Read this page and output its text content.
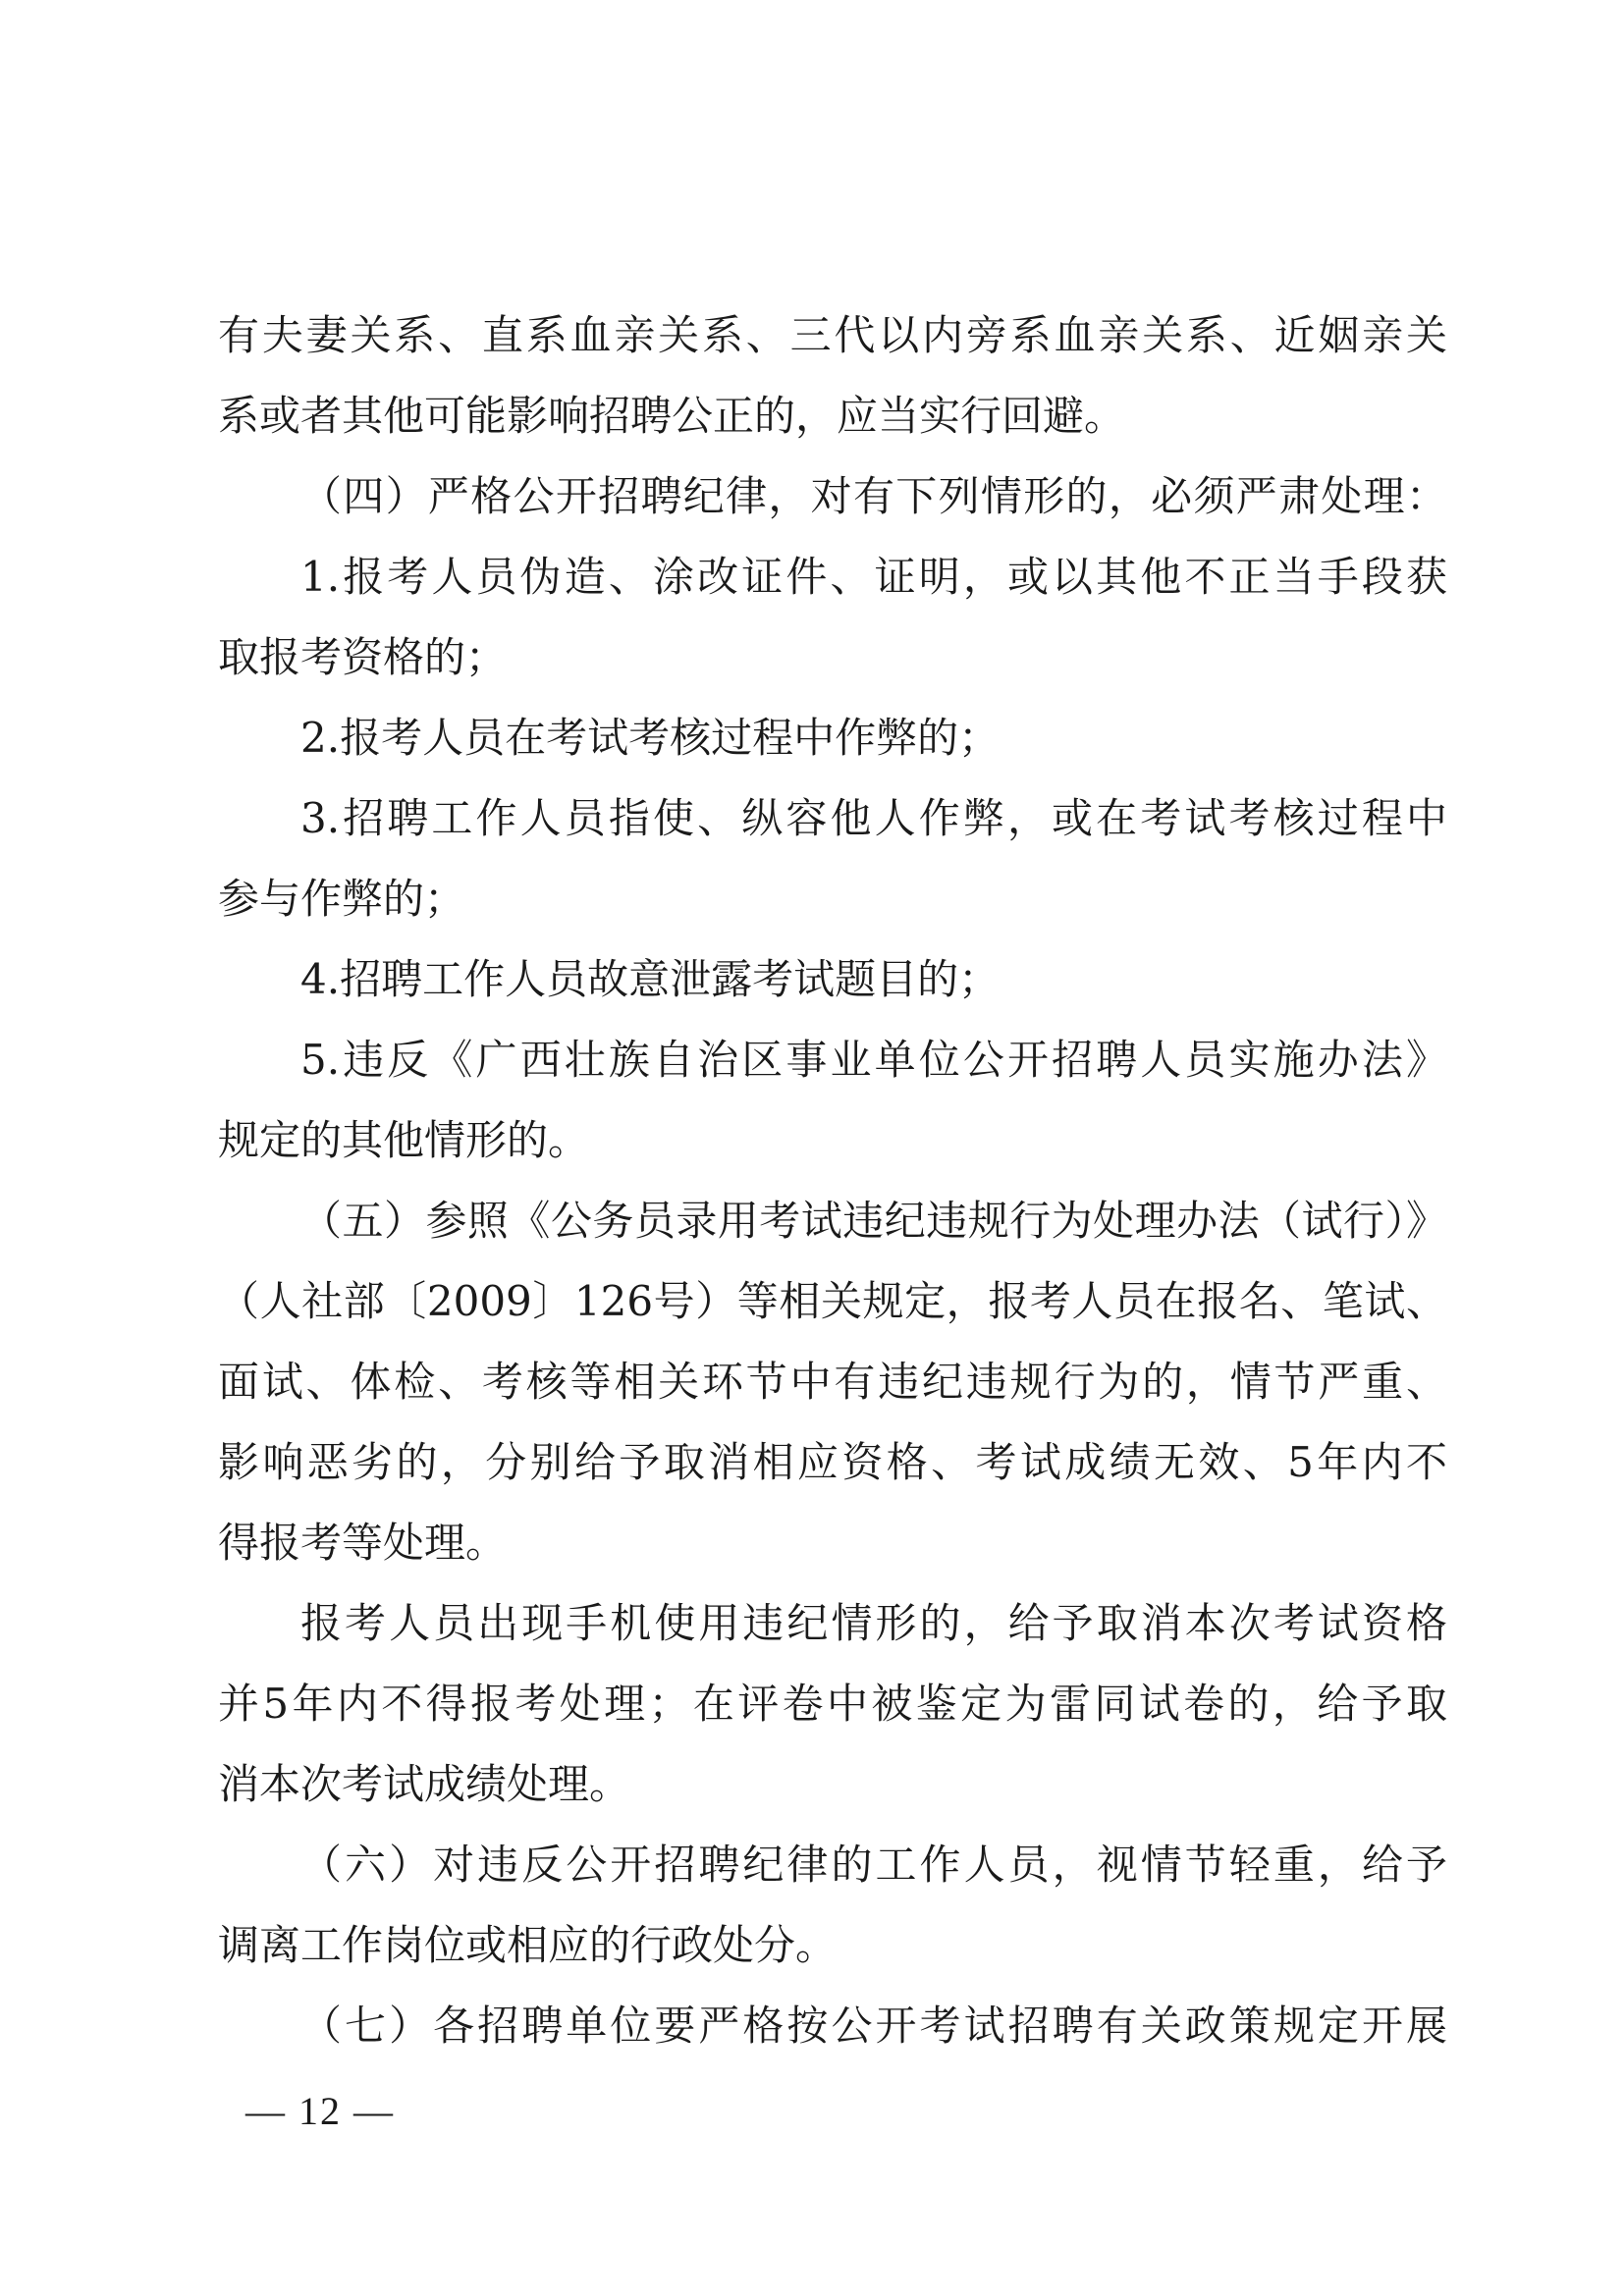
有夫妻关系、直系血亲关系、三代以内旁系血亲关系、近姻亲关
系或者其他可能影响招聘公正的，应当实行回避。
（四）严格公开招聘纪律，对有下列情形的，必须严肃处理：
1.报考人员伪造、涂改证件、证明，或以其他不正当手段获
取报考资格的；
2.报考人员在考试考核过程中作弊的；
3.招聘工作人员指使、纵容他人作弊，或在考试考核过程中
参与作弊的；
4.招聘工作人员故意泄露考试题目的；
5.违反《广西壮族自治区事业单位公开招聘人员实施办法》
规定的其他情形的。
（五）参照《公务员录用考试违纪违规行为处理办法（试行）》
（人社部〔2009〕126号）等相关规定，报考人员在报名、笔试、
面试、体检、考核等相关环节中有违纪违规行为的，情节严重、
影响恶劣的，分别给予取消相应资格、考试成绩无效、5年内不
得报考等处理。
报考人员出现手机使用违纪情形的，给予取消本次考试资格
并5年内不得报考处理；在评卷中被鉴定为雷同试卷的，给予取
消本次考试成绩处理。
（六）对违反公开招聘纪律的工作人员，视情节轻重，给予
调离工作岗位或相应的行政处分。
（七）各招聘单位要严格按公开考试招聘有关政策规定开展
— 12 —
